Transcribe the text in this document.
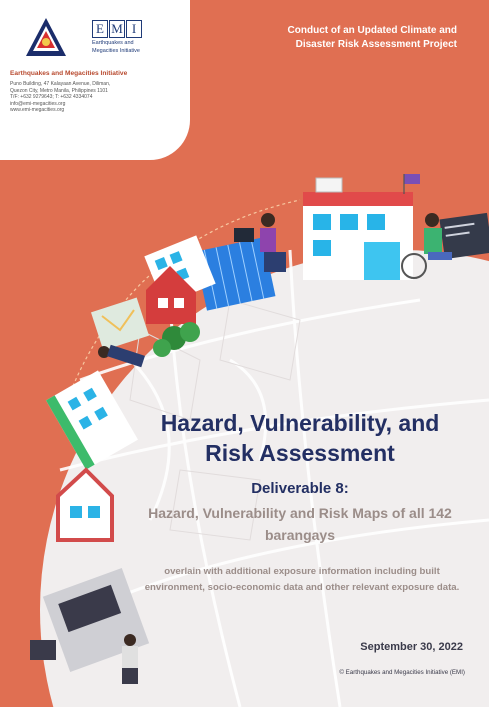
E M I
Earthquakes and
Megacities Initiative
Earthquakes and Megacities Initiative
Puno Building, 47 Kalayaan Avenue, Diliman,
Quezon City, Metro Manila, Philippines 1101
T/F: +632 9279643; T: +632 4334074
info@emi-megacities.org
www.emi-megacities.org
Conduct of an Updated Climate and Disaster Risk Assessment Project
Hazard, Vulnerability, and Risk Assessment
Deliverable 8:
Hazard, Vulnerability and Risk Maps of all 142 barangays
overlain with additional exposure information including built environment, socio-economic data and other relevant exposure data.
September 30, 2022
© Earthquakes and Megacities Initiative (EMI)
